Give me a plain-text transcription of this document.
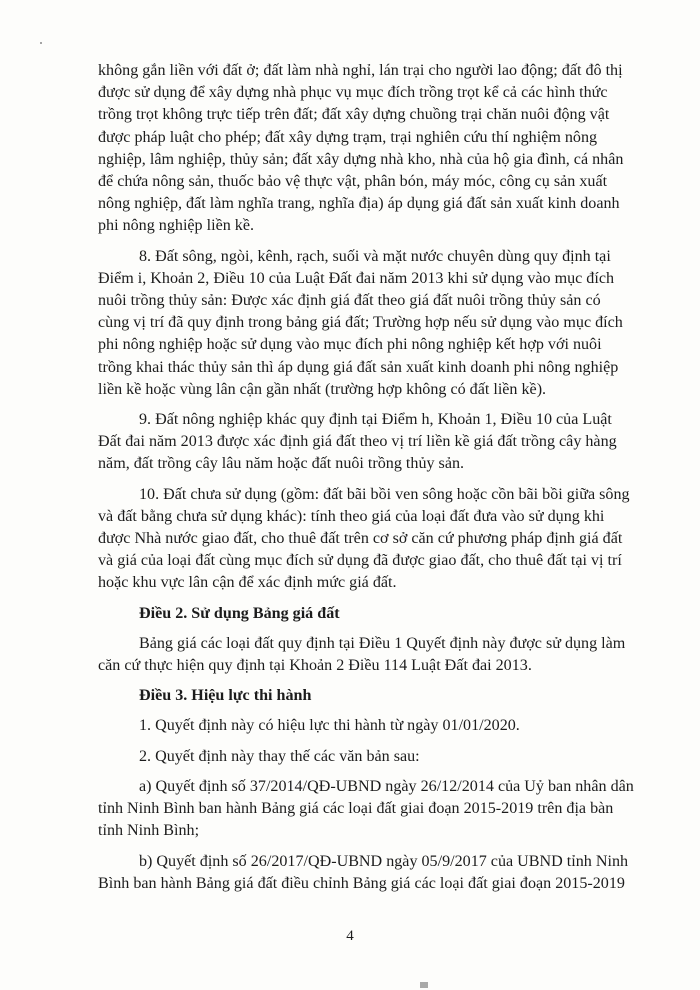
không gắn liền với đất ở; đất làm nhà nghỉ, lán trại cho người lao động; đất đô thị
được sử dụng để xây dựng nhà phục vụ mục đích trồng trọt kể cả các hình thức
trồng trọt không trực tiếp trên đất; đất xây dựng chuồng trại chăn nuôi động vật
được pháp luật cho phép; đất xây dựng trạm, trại nghiên cứu thí nghiệm nông
nghiệp, lâm nghiệp, thủy sản; đất xây dựng nhà kho, nhà của hộ gia đình, cá nhân
để chứa nông sản, thuốc bảo vệ thực vật, phân bón, máy móc, công cụ sản xuất
nông nghiệp, đất làm nghĩa trang, nghĩa địa) áp dụng giá đất sản xuất kinh doanh
phi nông nghiệp liền kề.

8. Đất sông, ngòi, kênh, rạch, suối và mặt nước chuyên dùng quy định tại
Điểm i, Khoản 2, Điều 10 của Luật Đất đai năm 2013 khi sử dụng vào mục đích
nuôi trồng thủy sản: Được xác định giá đất theo giá đất nuôi trồng thủy sản có
cùng vị trí đã quy định trong bảng giá đất; Trường hợp nếu sử dụng vào mục đích
phi nông nghiệp hoặc sử dụng vào mục đích phi nông nghiệp kết hợp với nuôi
trồng khai thác thủy sản thì áp dụng giá đất sản xuất kinh doanh phi nông nghiệp
liền kề hoặc vùng lân cận gần nhất (trường hợp không có đất liền kề).

9. Đất nông nghiệp khác quy định tại Điểm h, Khoản 1, Điều 10 của Luật
Đất đai năm 2013 được xác định giá đất theo vị trí liền kề giá đất trồng cây hàng
năm, đất trồng cây lâu năm hoặc đất nuôi trồng thủy sản.

10. Đất chưa sử dụng (gồm: đất bãi bồi ven sông hoặc cồn bãi bồi giữa sông
và đất bằng chưa sử dụng khác): tính theo giá của loại đất đưa vào sử dụng khi
được Nhà nước giao đất, cho thuê đất trên cơ sở căn cứ phương pháp định giá đất
và giá của loại đất cùng mục đích sử dụng đã được giao đất, cho thuê đất tại vị trí
hoặc khu vực lân cận để xác định mức giá đất.

Điều 2. Sử dụng Bảng giá đất

Bảng giá các loại đất quy định tại Điều 1 Quyết định này được sử dụng làm
căn cứ thực hiện quy định tại Khoản 2 Điều 114 Luật Đất đai 2013.

Điều 3. Hiệu lực thi hành

1. Quyết định này có hiệu lực thi hành từ ngày 01/01/2020.

2. Quyết định này thay thế các văn bản sau:

a) Quyết định số 37/2014/QĐ-UBND ngày 26/12/2014 của Uỷ ban nhân dân
tỉnh Ninh Bình ban hành Bảng giá các loại đất giai đoạn 2015-2019 trên địa bàn
tỉnh Ninh Bình;

b) Quyết định số 26/2017/QĐ-UBND ngày 05/9/2017 của UBND tỉnh Ninh
Bình ban hành Bảng giá đất điều chỉnh Bảng giá các loại đất giai đoạn 2015-2019

4
